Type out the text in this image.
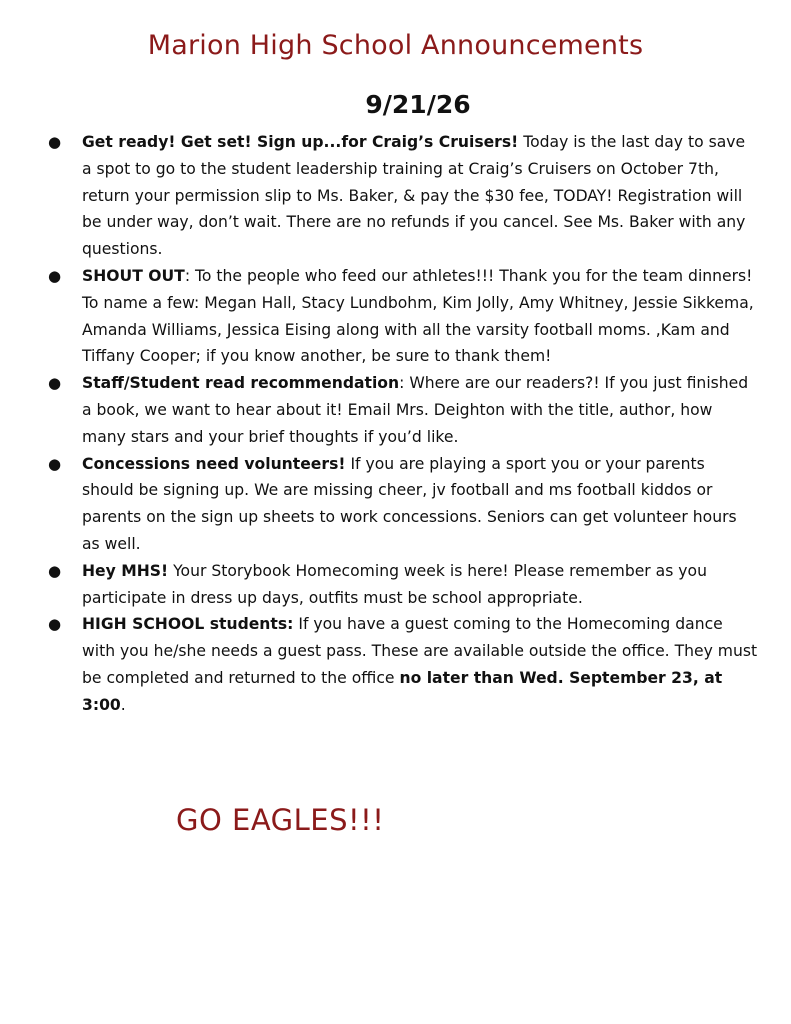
Marion High School Announcements
9/21/26
● Get ready! Get set! Sign up...for Craig’s Cruisers! Today is the last day to save a spot to go to the student leadership training at Craig’s Cruisers on October 7th, return your permission slip to Ms. Baker, & pay the $30 fee, TODAY! Registration will be under way, don’t wait. There are no refunds if you cancel. See Ms. Baker with any questions.
● SHOUT OUT: To the people who feed our athletes!!! Thank you for the team dinners! To name a few: Megan Hall, Stacy Lundbohm, Kim Jolly, Amy Whitney, Jessie Sikkema, Amanda Williams, Jessica Eising along with all the varsity football moms. ,Kam and Tiffany Cooper; if you know another, be sure to thank them!
● Staff/Student read recommendation: Where are our readers?! If you just finished a book, we want to hear about it! Email Mrs. Deighton with the title, author, how many stars and your brief thoughts if you’d like.
● Concessions need volunteers! If you are playing a sport you or your parents should be signing up. We are missing cheer, jv football and ms football kiddos or parents on the sign up sheets to work concessions. Seniors can get volunteer hours as well.
● Hey MHS! Your Storybook Homecoming week is here! Please remember as you participate in dress up days, outfits must be school appropriate.
● HIGH SCHOOL students: If you have a guest coming to the Homecoming dance with you he/she needs a guest pass. These are available outside the office. They must be completed and returned to the office no later than Wed. September 23, at 3:00.

GO EAGLES!!!
